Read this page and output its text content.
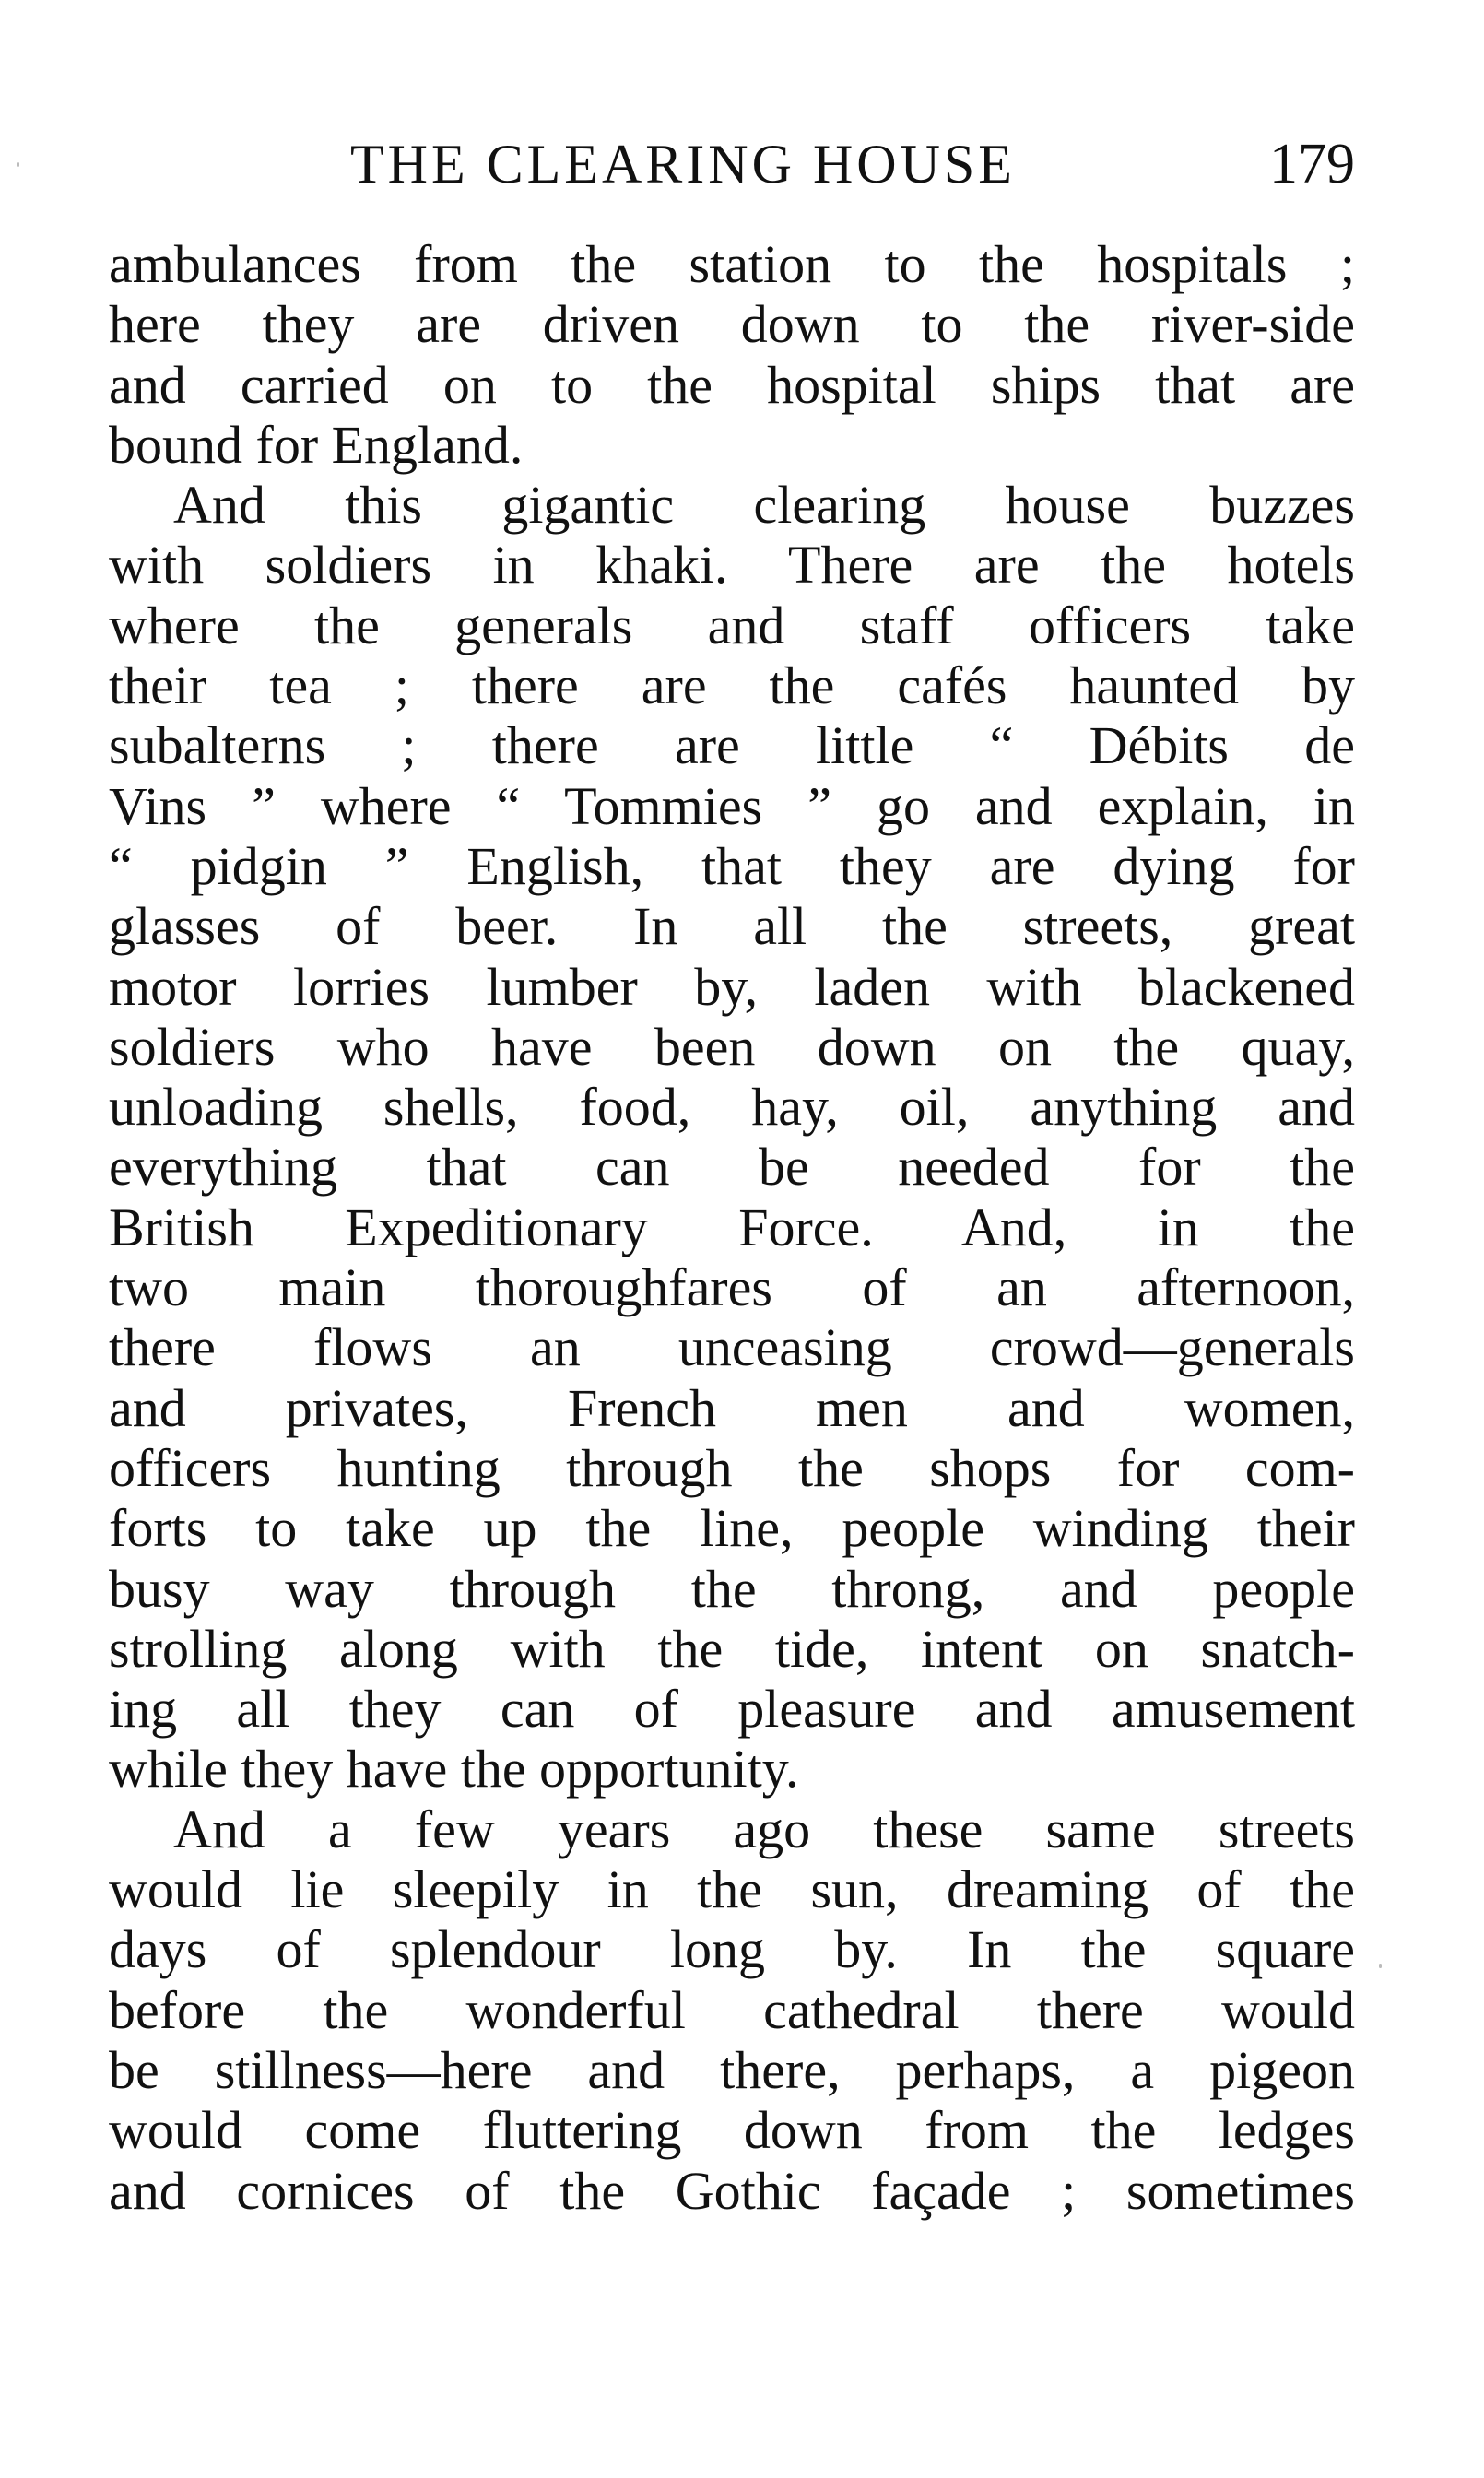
THE CLEARING HOUSE	179
ambulances from the station to the hospitals ;
here they are driven down to the river-side
and carried on to the hospital ships that are
bound for England.
And this gigantic clearing house buzzes
with soldiers in khaki. There are the hotels
where the generals and staff officers take
their tea ; there are the cafés haunted by
subalterns ; there are little “ Débits de
Vins ” where “ Tommies ” go and explain, in
“ pidgin ” English, that they are dying for
glasses of beer. In all the streets, great
motor lorries lumber by, laden with blackened
soldiers who have been down on the quay,
unloading shells, food, hay, oil, anything and
everything that can be needed for the
British Expeditionary Force. And, in the
two main thoroughfares of an afternoon,
there flows an unceasing crowd—generals
and privates, French men and women,
officers hunting through the shops for com-
forts to take up the line, people winding their
busy way through the throng, and people
strolling along with the tide, intent on snatch-
ing all they can of pleasure and amusement
while they have the opportunity.
And a few years ago these same streets
would lie sleepily in the sun, dreaming of the
days of splendour long by. In the square
before the wonderful cathedral there would
be stillness—here and there, perhaps, a pigeon
would come fluttering down from the ledges
and cornices of the Gothic façade ; sometimes
